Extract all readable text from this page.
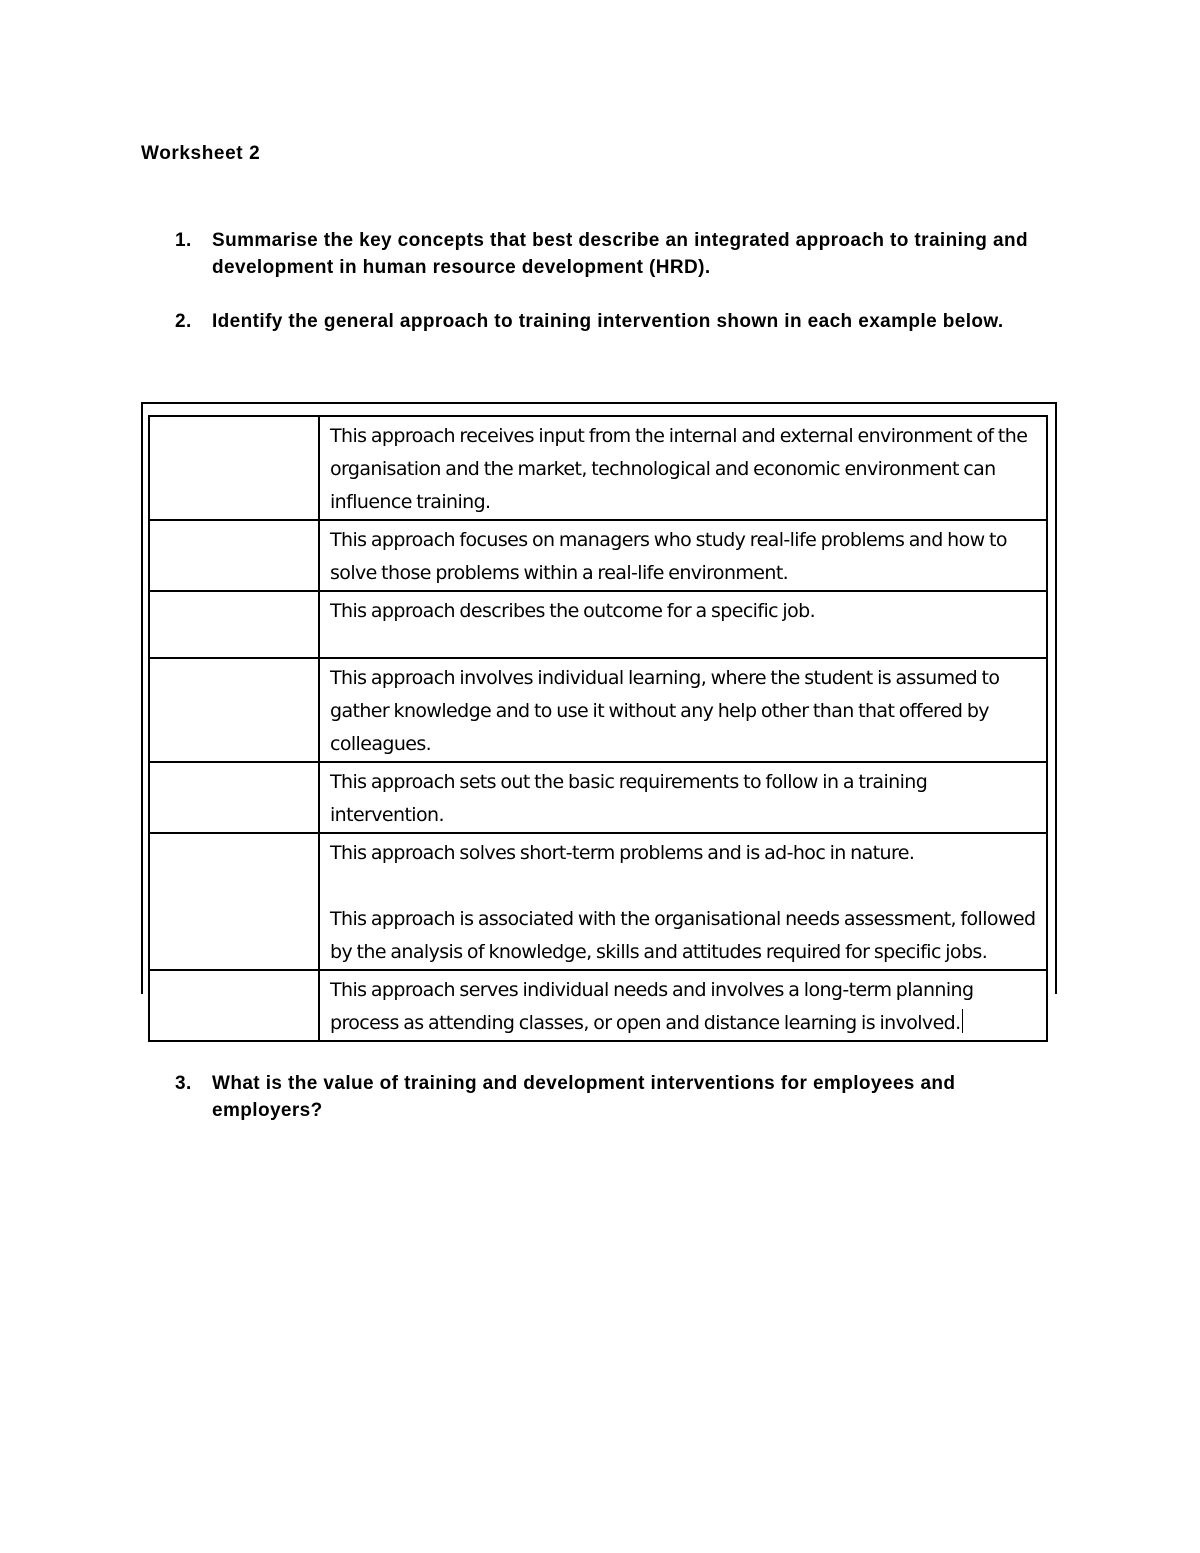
Worksheet 2
1. Summarise the key concepts that best describe an integrated approach to training and development in human resource development (HRD).
2. Identify the general approach to training intervention shown in each example below.

	This approach receives input from the internal and external environment of the organisation and the market, technological and economic environment can influence training.

	This approach focuses on managers who study real-life problems and how to solve those problems within a real-life environment.

	This approach describes the outcome for a specific job.

	This approach involves individual learning, where the student is assumed to gather knowledge and to use it without any help other than that offered by colleagues.

	This approach sets out the basic requirements to follow in a training intervention.

	This approach solves short-term problems and is ad-hoc in nature.

This approach is associated with the organisational needs assessment, followed by the analysis of knowledge, skills and attitudes required for specific jobs.

	This approach serves individual needs and involves a long-term planning process as attending classes, or open and distance learning is involved.

3. What is the value of training and development interventions for employees and employers?
